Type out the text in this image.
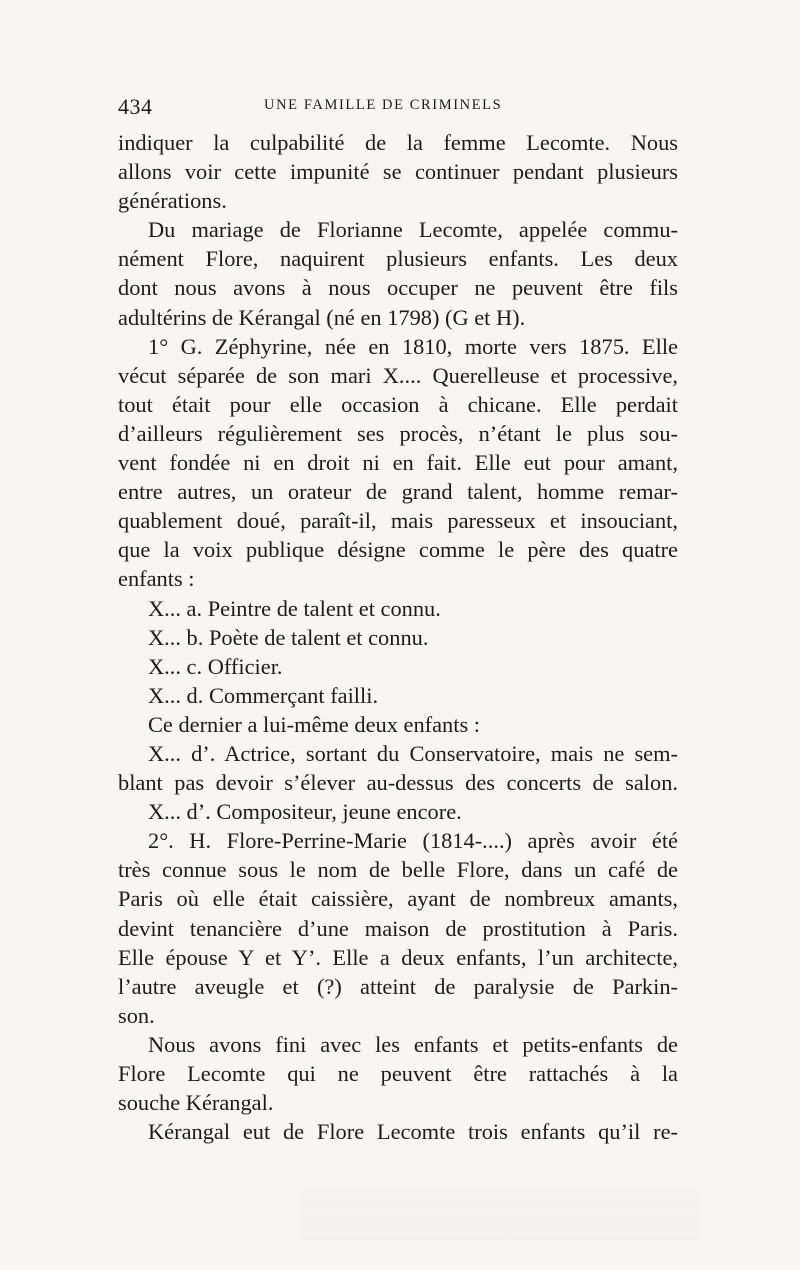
434	UNE FAMILLE DE CRIMINELS
indiquer la culpabilité de la femme Lecomte. Nous
allons voir cette impunité se continuer pendant plusieurs
générations.
Du mariage de Florianne Lecomte, appelée commu-
nément Flore, naquirent plusieurs enfants. Les deux
dont nous avons à nous occuper ne peuvent être fils
adultérins de Kérangal (né en 1798) (G et H).
1° G. Zéphyrine, née en 1810, morte vers 1875. Elle
vécut séparée de son mari X.... Querelleuse et processive,
tout était pour elle occasion à chicane. Elle perdait
d’ailleurs régulièrement ses procès, n’étant le plus sou-
vent fondée ni en droit ni en fait. Elle eut pour amant,
entre autres, un orateur de grand talent, homme remar-
quablement doué, paraît-il, mais paresseux et insouciant,
que la voix publique désigne comme le père des quatre
enfants :
X... a. Peintre de talent et connu.
X... b. Poète de talent et connu.
X... c. Officier.
X... d. Commerçant failli.
Ce dernier a lui-même deux enfants :
X... d’. Actrice, sortant du Conservatoire, mais ne sem-
blant pas devoir s’élever au-dessus des concerts de salon.
X... d’. Compositeur, jeune encore.
2°. H. Flore-Perrine-Marie (1814-....) après avoir été
très connue sous le nom de belle Flore, dans un café de
Paris où elle était caissière, ayant de nombreux amants,
devint tenancière d’une maison de prostitution à Paris.
Elle épouse Y et Y’. Elle a deux enfants, l’un architecte,
l’autre aveugle et (?) atteint de paralysie de Parkin-
son.
Nous avons fini avec les enfants et petits-enfants de
Flore Lecomte qui ne peuvent être rattachés à la
souche Kérangal.
Kérangal eut de Flore Lecomte trois enfants qu’il re-
